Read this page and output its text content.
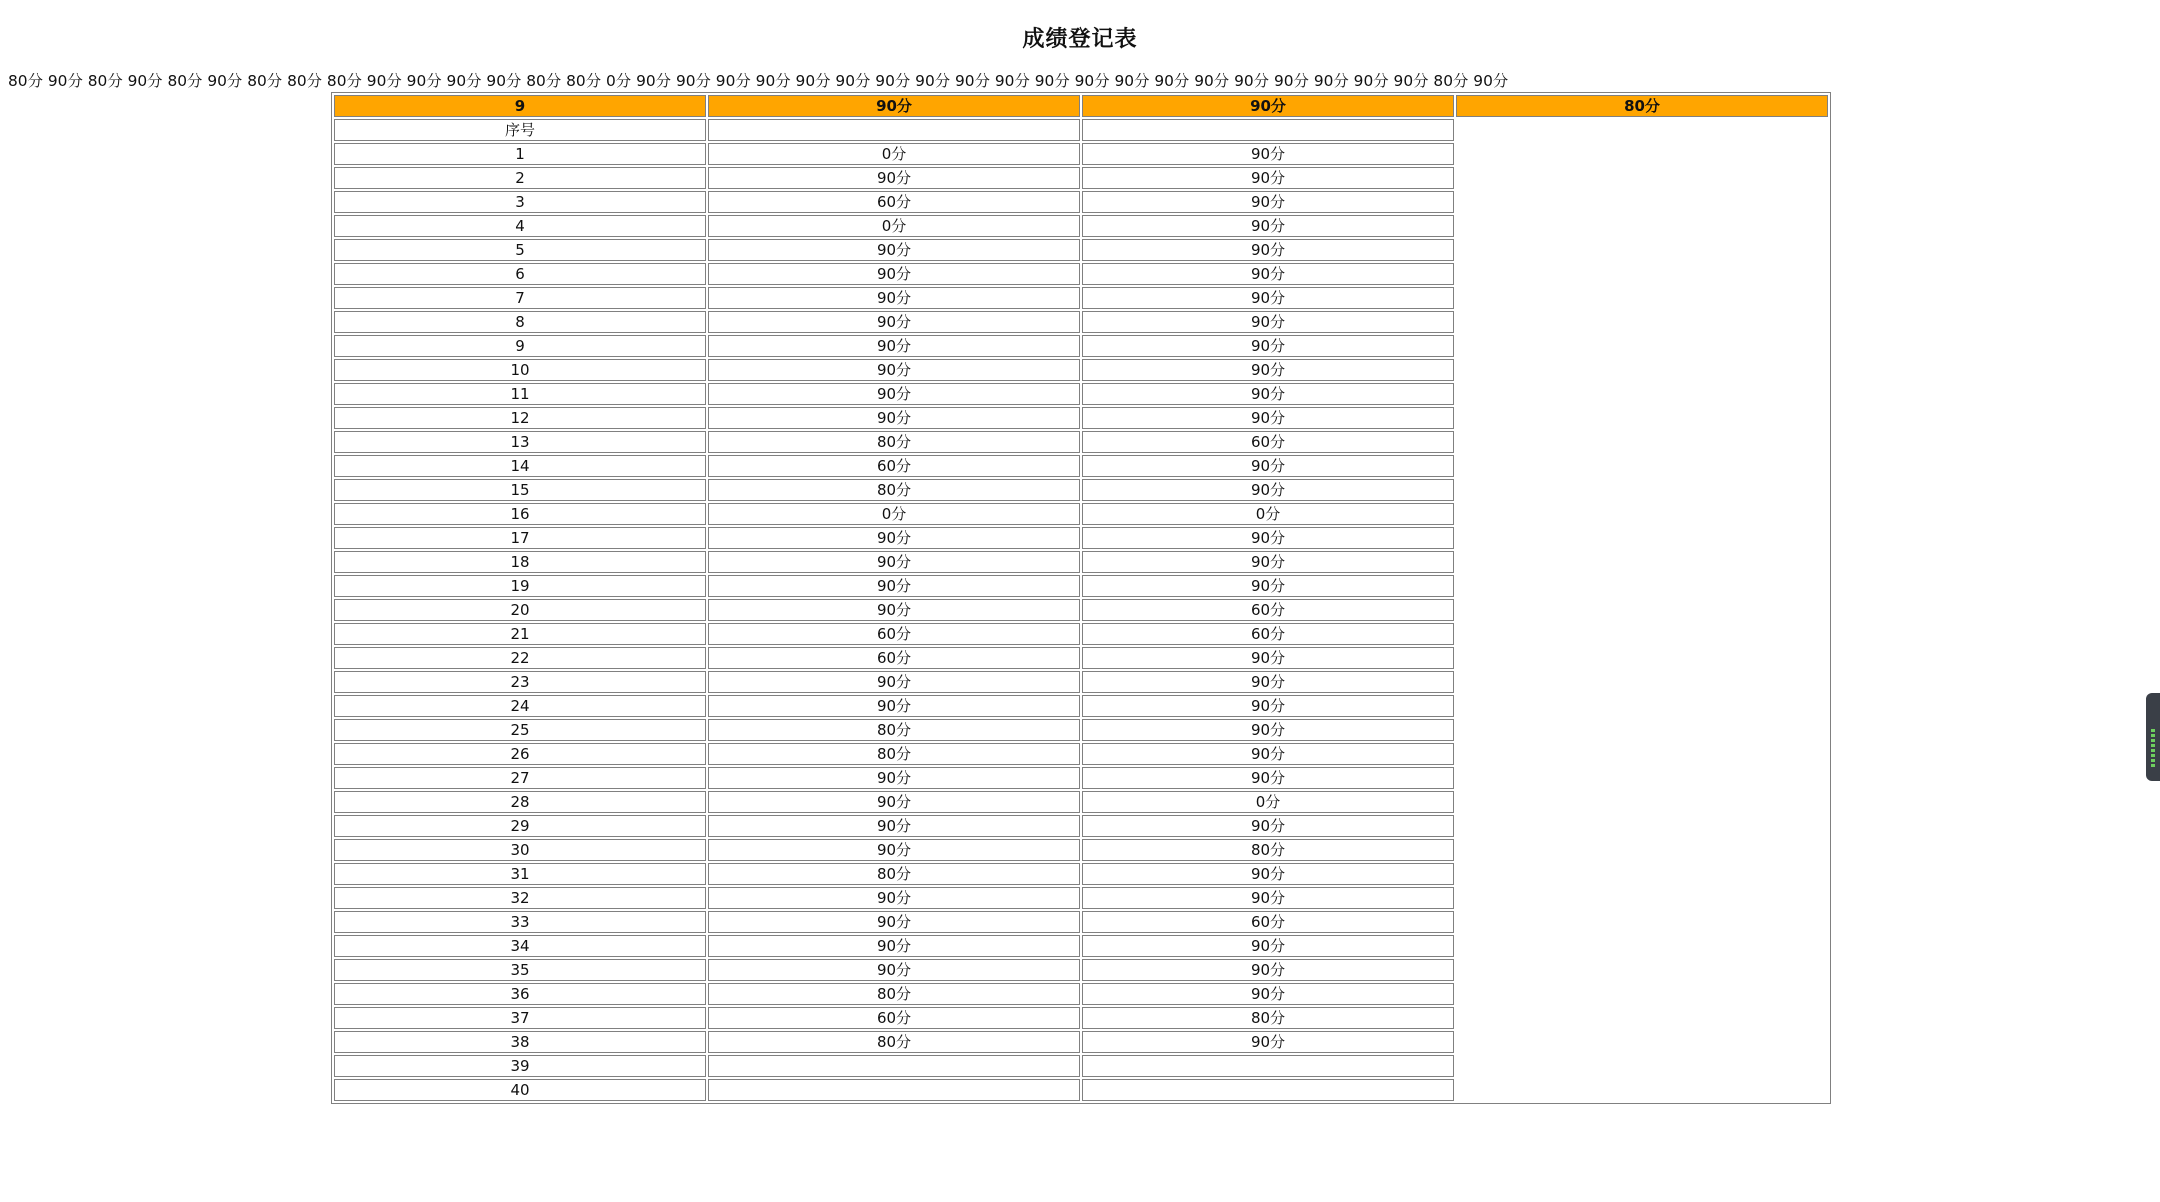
成绩登记表
80分 90分 80分 90分 80分 90分 80分 80分 80分 90分 90分 90分 90分 80分 80分 0分 90分 90分 90分 90分 90分 90分 90分 90分 90分 90分 90分 90分 90分 90分 90分 90分 90分 90分 90分 90分 80分 90分
9	90分	90分	80分
序号			
1	0分	90分	
2	90分	90分	
3	60分	90分	
4	0分	90分	
5	90分	90分	
6	90分	90分	
7	90分	90分	
8	90分	90分	
9	90分	90分	
10	90分	90分	
11	90分	90分	
12	90分	90分	
13	80分	60分	
14	60分	90分	
15	80分	90分	
16	0分	0分	
17	90分	90分	
18	90分	90分	
19	90分	90分	
20	90分	60分	
21	60分	60分	
22	60分	90分	
23	90分	90分	
24	90分	90分	
25	80分	90分	
26	80分	90分	
27	90分	90分	
28	90分	0分	
29	90分	90分	
30	90分	80分	
31	80分	90分	
32	90分	90分	
33	90分	60分	
34	90分	90分	
35	90分	90分	
36	80分	90分	
37	60分	80分	
38	80分	90分	
39			
40			
